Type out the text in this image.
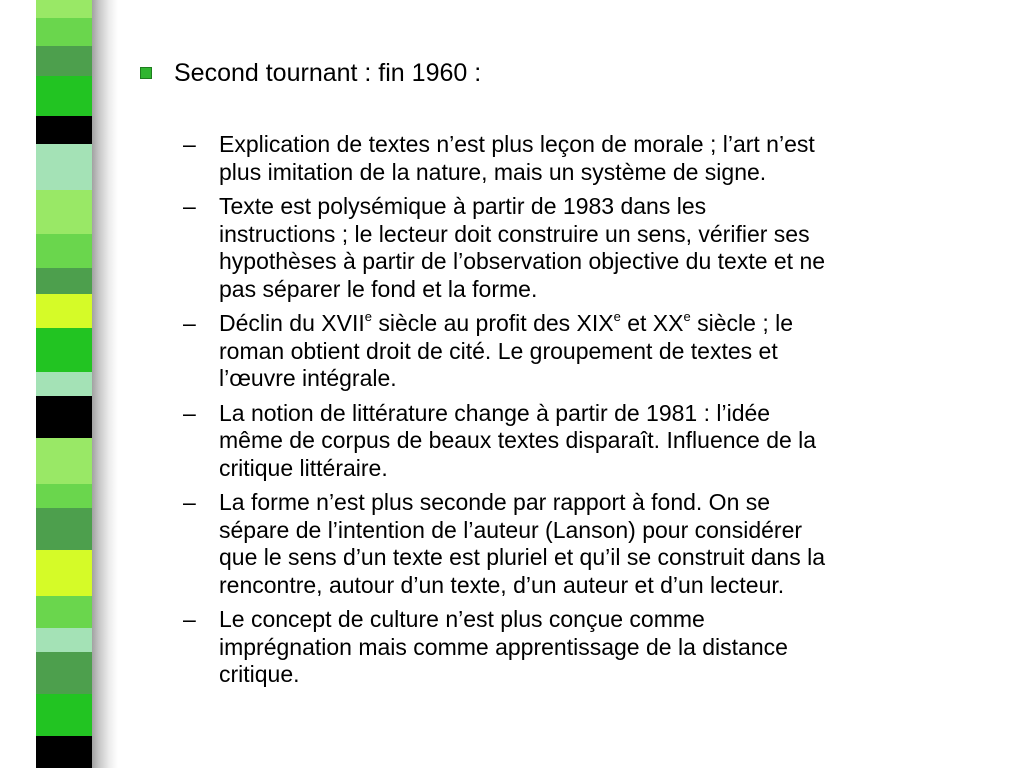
Second tournant : fin 1960 :
– Explication de textes n’est plus leçon de morale ; l’art n’est
plus imitation de la nature, mais un système de signe.
– Texte est polysémique à partir de 1983 dans les
instructions ; le lecteur doit construire un sens, vérifier ses
hypothèses à partir de l’observation objective du texte et ne
pas séparer le fond et la forme.
– Déclin du XVIIe siècle au profit des XIXe et XXe siècle ; le
roman obtient droit de cité. Le groupement de textes et
l’œuvre intégrale.
– La notion de littérature change à partir de 1981 : l’idée
même de corpus de beaux textes disparaît. Influence de la
critique littéraire.
– La forme n’est plus seconde par rapport à fond. On se
sépare de l’intention de l’auteur (Lanson) pour considérer
que le sens d’un texte est pluriel et qu’il se construit dans la
rencontre, autour d’un texte, d’un auteur et d’un lecteur.
– Le concept de culture n’est plus conçue comme
imprégnation mais comme apprentissage de la distance
critique.
